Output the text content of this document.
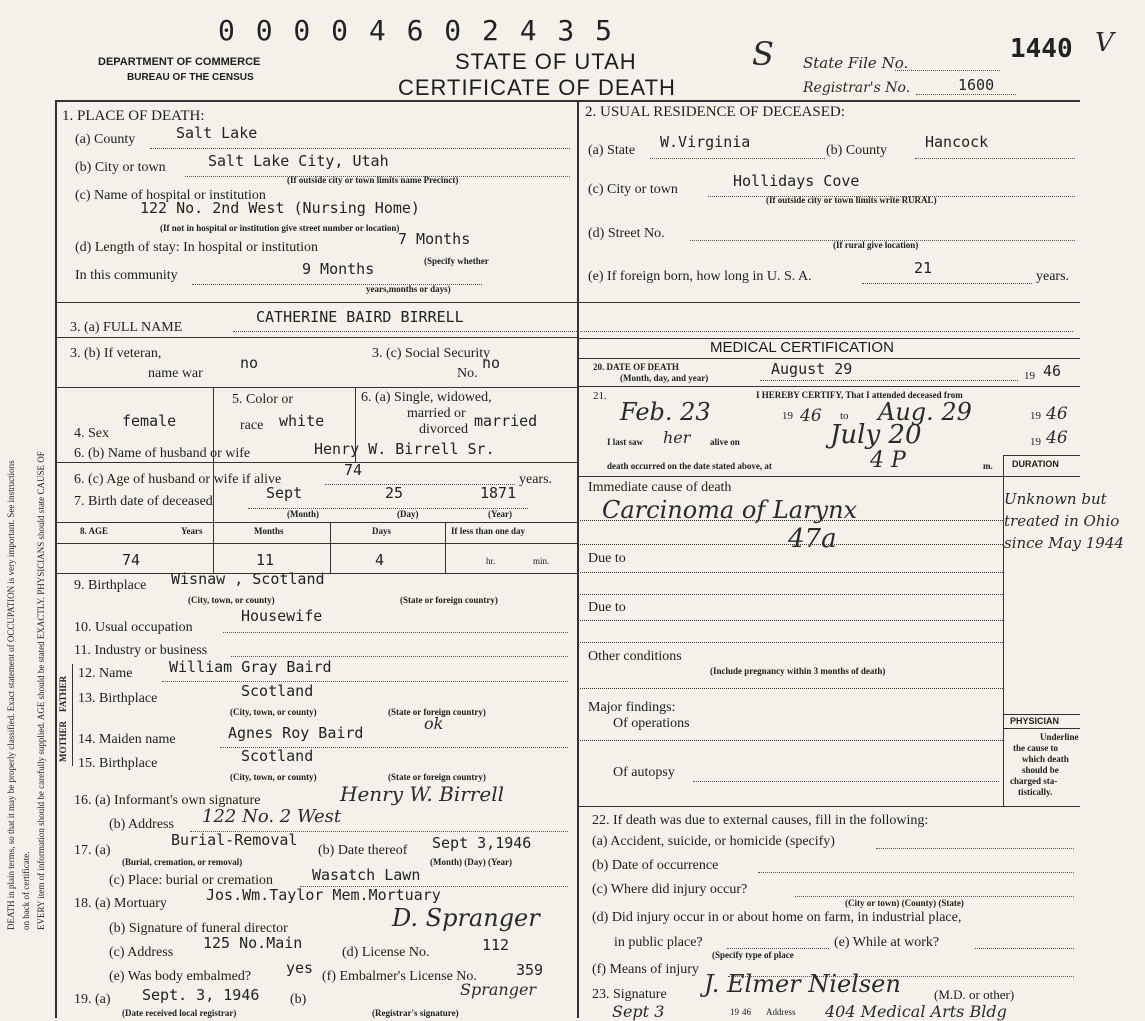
DEATH in plain terms, so that it may be properly classified. Exact statement of OCCUPATION is very important. See instructions on back of certificate. EVERY item of information should be carefully supplied. AGE should be stated EXACTLY. PHYSICIANS should state CAUSE OF
0 0 0 0 4 6 0 2 4 3 5
DEPARTMENT OF COMMERCE
BUREAU OF THE CENSUS
STATE OF UTAH
CERTIFICATE OF DEATH
S State File No.	1440 V
Registrar's No.	1600
1. PLACE OF DEATH:
(a) County	Salt Lake
(b) City or town	Salt Lake City, Utah
(If outside city or town limits name Precinct)
(c) Name of hospital or institution
122 No. 2nd West (Nursing Home)
(If not in hospital or institution give street number or location)
(d) Length of stay: In hospital or institution	7 Months
(Specify whether
In this community	9 Months
years,months or days)
2. USUAL RESIDENCE OF DECEASED:
(a) State W.Virginia	(b) County	Hancock
(c) City or town	Hollidays Cove
(If outside city or town limits write RURAL)
(d) Street No.
(If rural give location)
(e) If foreign born, how long in U. S. A.	21	years.
3. (a) FULL NAME
CATHERINE BAIRD BIRRELL
3. (b) If veteran,
name war
no
3. (c) Social Security
No.
no
4. Sex
female
5. Color or
race white
6. (a) Single, widowed,
married or
divorced married
6. (b) Name of husband or wife	Henry W. Birrell Sr.
6. (c) Age of husband or wife if alive
74
years.
7. Birth date of deceased	Sept	25	1871
(Month)	(Day)	(Year)
8. AGE	Years	Months	Days	If less than one day
74	11	4	hr.	min.
9. Birthplace Wisnaw , Scotland
(City, town, or county)	(State or foreign country)
10. Usual occupation
Housewife
11. Industry or business
FATHER
MOTHER
12. Name William Gray Baird
13. Birthplace	Scotland
(City, town, or county)	(State or foreign country)
ok
14. Maiden name	Agnes Roy Baird
15. Birthplace	Scotland
(City, town, or county)	(State or foreign country)
16. (a) Informant's own signature	Henry W. Birrell
(b) Address 122 No. 2 West
17. (a)
Burial-Removal
(Burial, cremation, or removal)
(b) Date thereof Sept 3,1946
(Month) (Day) (Year)
(c) Place: burial or cremation	Wasatch Lawn
18. (a) Mortuary	Jos.Wm.Taylor Mem.Mortuary
(b) Signature of funeral director	D. Spranger
(c) Address
125 No.Main
(d) License No.	112
(e) Was body embalmed? yes (f) Embalmer's License No.	359
Spranger
19. (a) Sept. 3, 1946 (b)
(Date received local registrar)	(Registrar's signature)
MEDICAL CERTIFICATION
20. DATE OF DEATH
(Month, day, and year)	August 29	19 46
21.	I HEREBY CERTIFY, That I attended deceased from
Feb. 23	19 46 to Aug. 29	19 46
I last saw her alive on	July 20	19 46
death occurred on the date stated above, at	4 P	m. DURATION
Immediate cause of death
Carcinoma of Larynx
47a
Unknown but treated in Ohio since May 1944
Due to
Due to
Other conditions
(Include pregnancy within 3 months of death)
Major findings:
Of operations
Of autopsy
PHYSICIAN
Underline
the cause to
which death
should be
charged sta-
tistically.
22. If death was due to external causes, fill in the following:
(a) Accident, suicide, or homicide (specify)
(b) Date of occurrence
(c) Where did injury occur?
(City or town) (County) (State)
(d) Did injury occur in or about home on farm, in industrial place,
in public place?	(e) While at work?
(Specify type of place
(f) Means of injury
23. Signature J. Elmer Nielsen	(M.D. or other)
Sept 3	19 46 Address 404 Medical Arts Bldg
